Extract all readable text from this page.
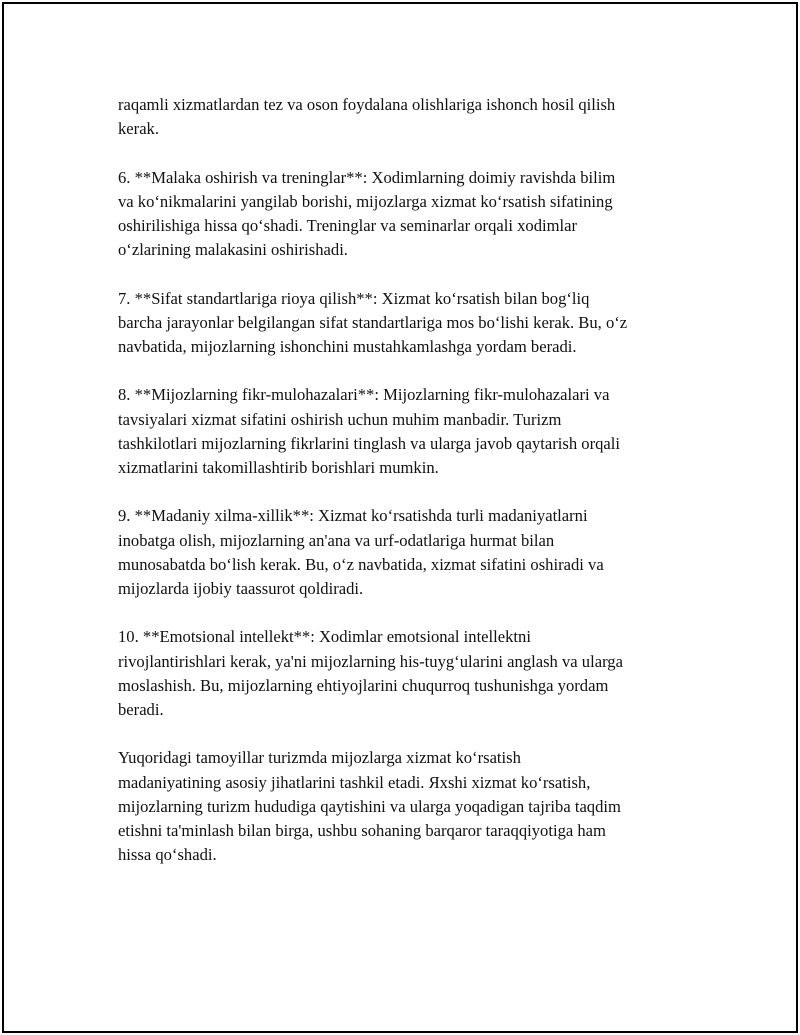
raqamli xizmatlardan tez va oson foydalana olishlariga ishonch hosil qilish
kerak.

6. **Malaka oshirish va treninglar**: Xodimlarning doimiy ravishda bilim
va ko‘nikmalarini yangilab borishi, mijozlarga xizmat ko‘rsatish sifatining
oshirilishiga hissa qo‘shadi. Treninglar va seminarlar orqali xodimlar
o‘zlarining malakasini oshirishadi.

7. **Sifat standartlariga rioya qilish**: Xizmat ko‘rsatish bilan bog‘liq
barcha jarayonlar belgilangan sifat standartlariga mos bo‘lishi kerak. Bu, o‘z
navbatida, mijozlarning ishonchini mustahkamlashga yordam beradi.

8. **Mijozlarning fikr-mulohazalari**: Mijozlarning fikr-mulohazalari va
tavsiyalari xizmat sifatini oshirish uchun muhim manbadir. Turizm
tashkilotlari mijozlarning fikrlarini tinglash va ularga javob qaytarish orqali
xizmatlarini takomillashtirib borishlari mumkin.

9. **Madaniy xilma-xillik**: Xizmat ko‘rsatishda turli madaniyatlarni
inobatga olish, mijozlarning an'ana va urf-odatlariga hurmat bilan
munosabatda bo‘lish kerak. Bu, o‘z navbatida, xizmat sifatini oshiradi va
mijozlarda ijobiy taassurot qoldiradi.

10. **Emotsional intellekt**: Xodimlar emotsional intellektni
rivojlantirishlari kerak, ya'ni mijozlarning his-tuyg‘ularini anglash va ularga
moslashish. Bu, mijozlarning ehtiyojlarini chuqurroq tushunishga yordam
beradi.

Yuqoridagi tamoyillar turizmda mijozlarga xizmat ko‘rsatish
madaniyatining asosiy jihatlarini tashkil etadi. Яxshi xizmat ko‘rsatish,
mijozlarning turizm hududiga qaytishini va ularga yoqadigan tajriba taqdim
etishni ta'minlash bilan birga, ushbu sohaning barqaror taraqqiyotiga ham
hissa qo‘shadi.
